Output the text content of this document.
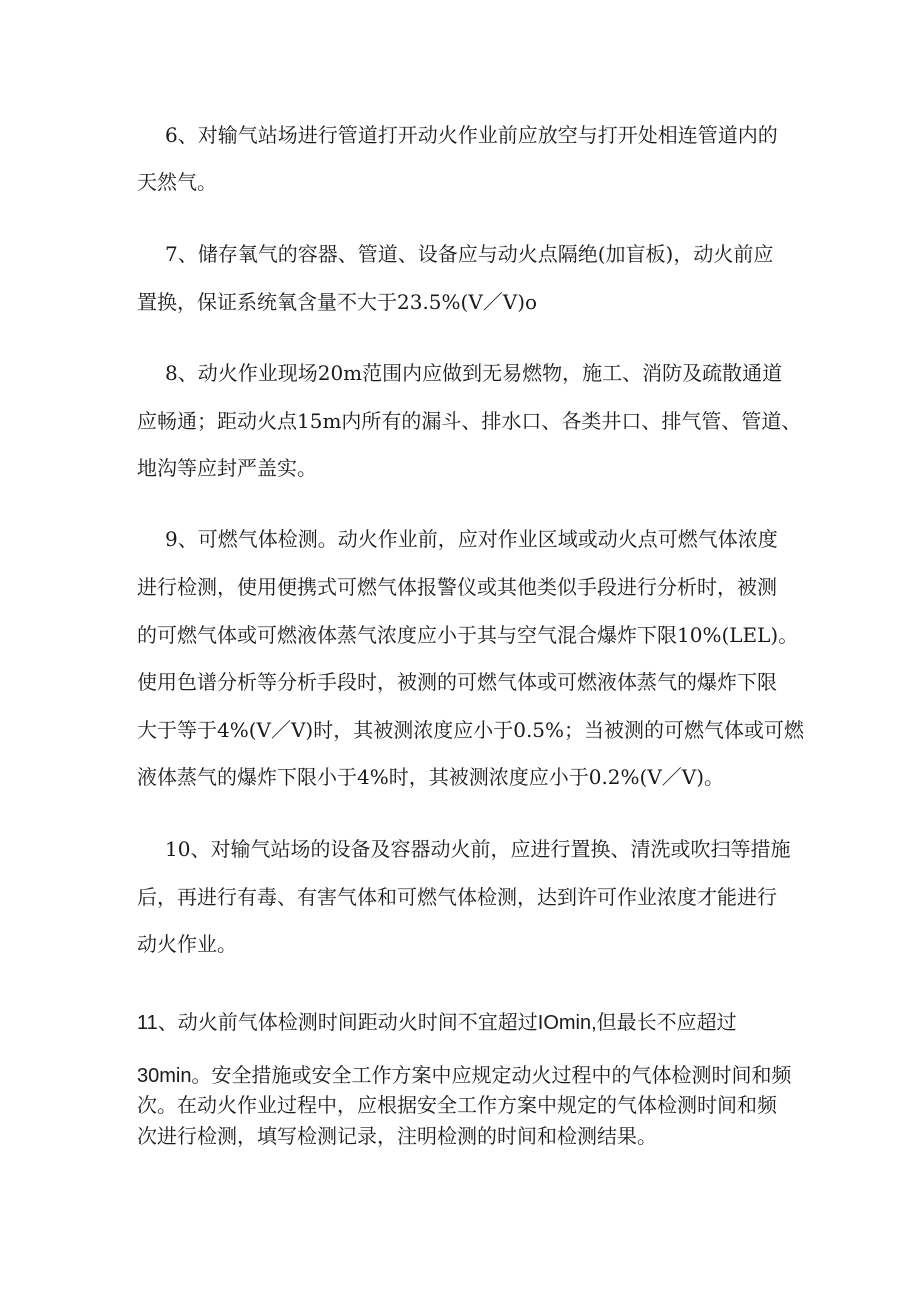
6、对输气站场进行管道打开动火作业前应放空与打开处相连管道内的
天然气。
7、储存氧气的容器、管道、设备应与动火点隔绝(加盲板)，动火前应
置换，保证系统氧含量不大于23.5%(V／V)o
8、动火作业现场20m范围内应做到无易燃物，施工、消防及疏散通道
应畅通；距动火点15m内所有的漏斗、排水口、各类井口、排气管、管道、
地沟等应封严盖实。
9、可燃气体检测。动火作业前，应对作业区域或动火点可燃气体浓度
进行检测，使用便携式可燃气体报警仪或其他类似手段进行分析时，被测
的可燃气体或可燃液体蒸气浓度应小于其与空气混合爆炸下限10%(LEL)。
使用色谱分析等分析手段时，被测的可燃气体或可燃液体蒸气的爆炸下限
大于等于4%(V／V)时，其被测浓度应小于0.5%；当被测的可燃气体或可燃
液体蒸气的爆炸下限小于4%时，其被测浓度应小于0.2%(V／V)。
10、对输气站场的设备及容器动火前，应进行置换、清洗或吹扫等措施
后，再进行有毒、有害气体和可燃气体检测，达到许可作业浓度才能进行
动火作业。
11、动火前气体检测时间距动火时间不宜超过IOmin,但最长不应超过
30min。安全措施或安全工作方案中应规定动火过程中的气体检测时间和频
次。在动火作业过程中，应根据安全工作方案中规定的气体检测时间和频
次进行检测，填写检测记录，注明检测的时间和检测结果。
